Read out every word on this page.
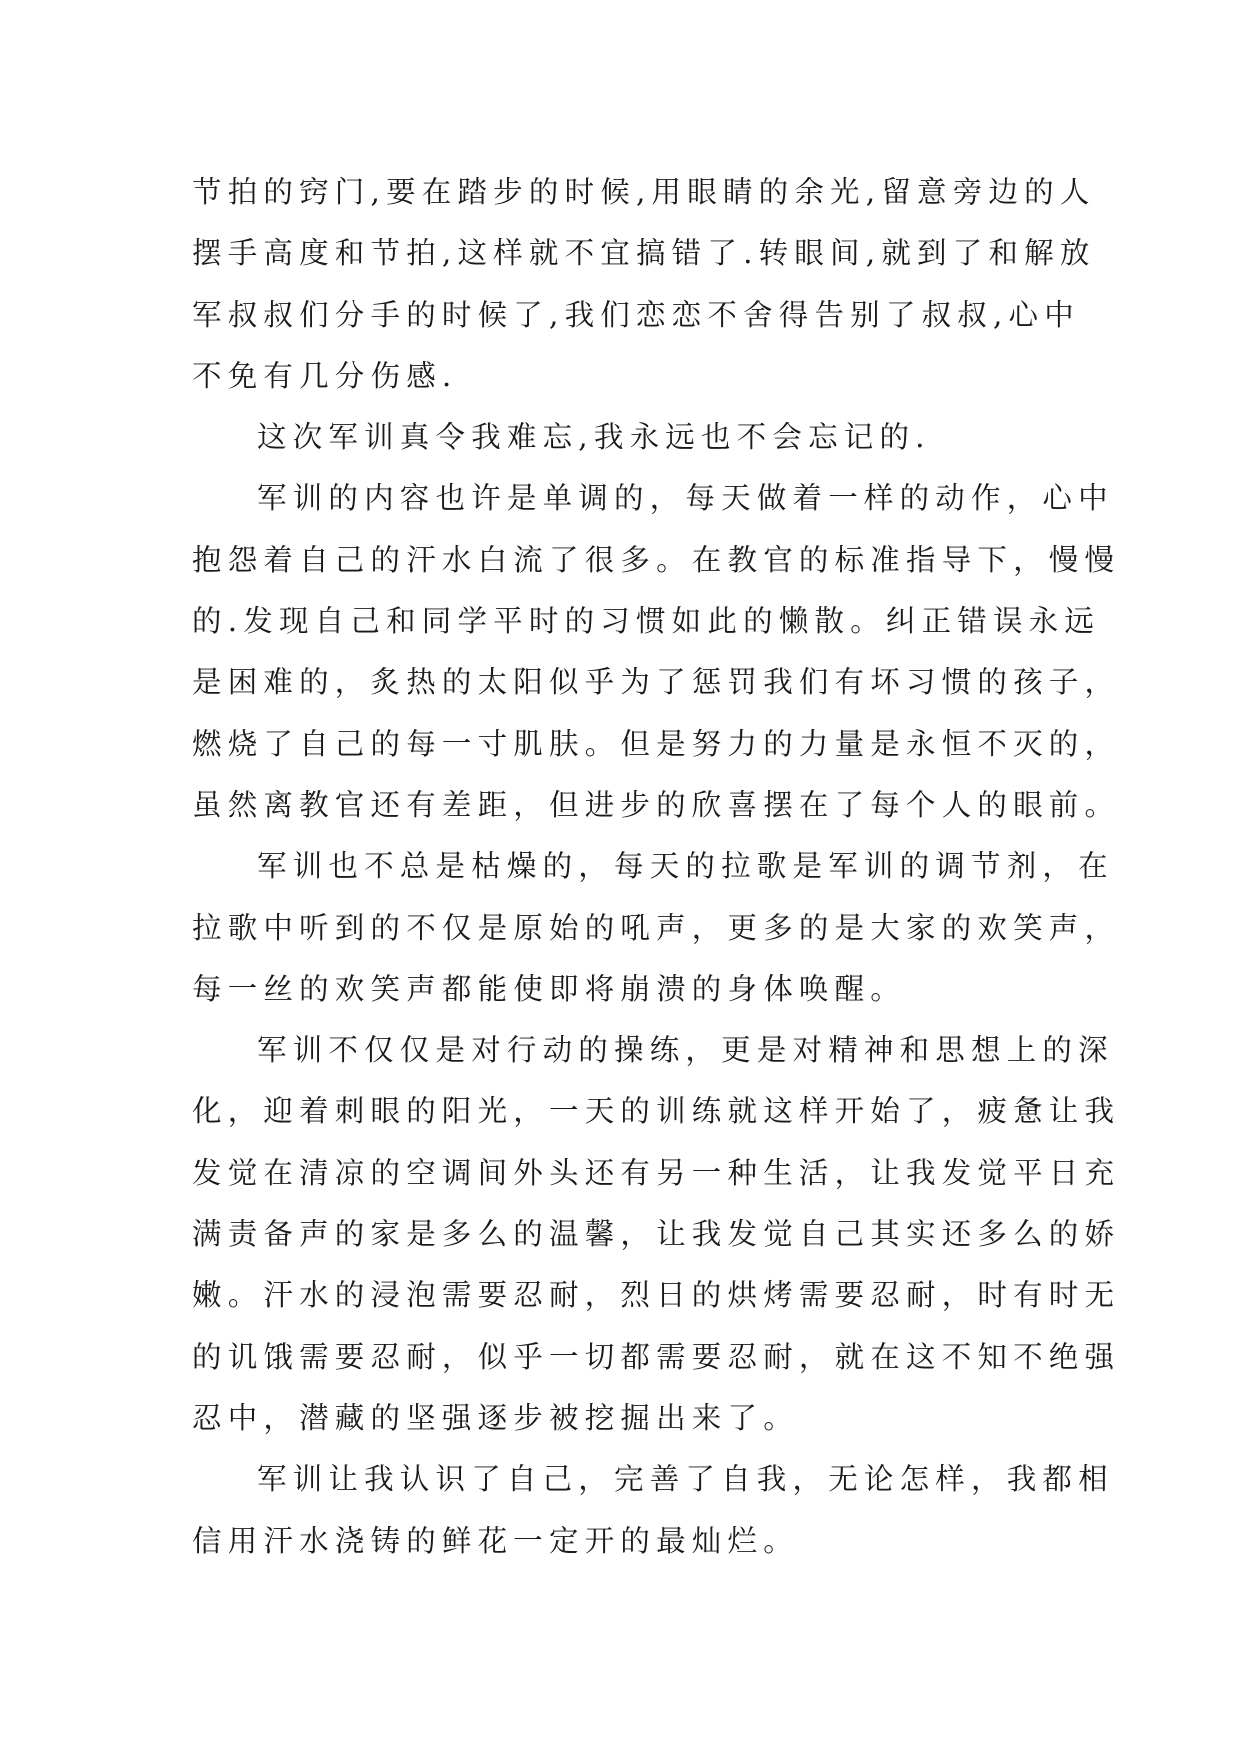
节拍的窍门,要在踏步的时候,用眼睛的余光,留意旁边的人
摆手高度和节拍,这样就不宜搞错了.转眼间,就到了和解放
军叔叔们分手的时候了,我们恋恋不舍得告别了叔叔,心中
不免有几分伤感.
这次军训真令我难忘,我永远也不会忘记的.
军训的内容也许是单调的，每天做着一样的动作，心中
抱怨着自己的汗水白流了很多。在教官的标准指导下，慢慢
的.发现自己和同学平时的习惯如此的懒散。纠正错误永远
是困难的，炙热的太阳似乎为了惩罚我们有坏习惯的孩子，
燃烧了自己的每一寸肌肤。但是努力的力量是永恒不灭的，
虽然离教官还有差距，但进步的欣喜摆在了每个人的眼前。
军训也不总是枯燥的，每天的拉歌是军训的调节剂，在
拉歌中听到的不仅是原始的吼声，更多的是大家的欢笑声，
每一丝的欢笑声都能使即将崩溃的身体唤醒。
军训不仅仅是对行动的操练，更是对精神和思想上的深
化，迎着刺眼的阳光，一天的训练就这样开始了，疲惫让我
发觉在清凉的空调间外头还有另一种生活，让我发觉平日充
满责备声的家是多么的温馨，让我发觉自己其实还多么的娇
嫩。汗水的浸泡需要忍耐，烈日的烘烤需要忍耐，时有时无
的讥饿需要忍耐，似乎一切都需要忍耐，就在这不知不绝强
忍中，潜藏的坚强逐步被挖掘出来了。
军训让我认识了自己，完善了自我，无论怎样，我都相
信用汗水浇铸的鲜花一定开的最灿烂。
